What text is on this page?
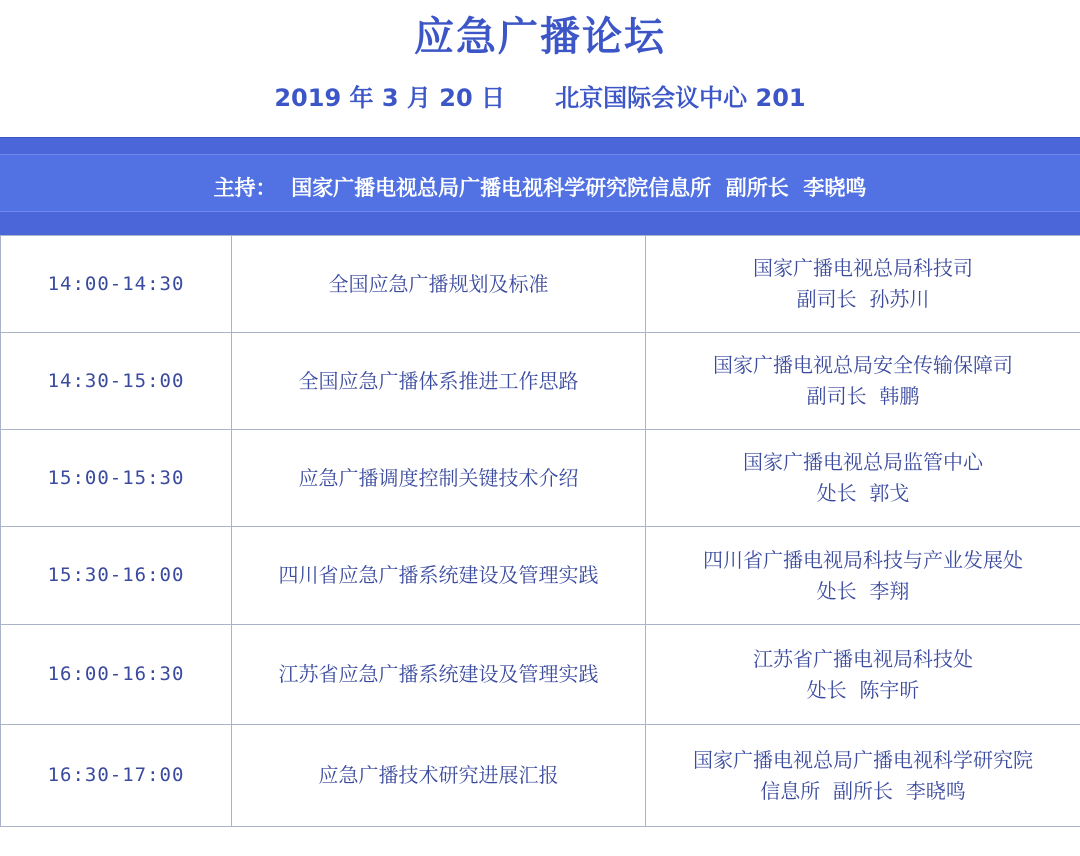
应急广播论坛
2019 年 3 月 20 日 北京国际会议中心 201
主持： 国家广播电视总局广播电视科学研究院信息所  副所长  李晓鸣
14:00-14:30	全国应急广播规划及标准	国家广播电视总局科技司
副司长  孙苏川

14:30-15:00	全国应急广播体系推进工作思路	国家广播电视总局安全传输保障司
副司长  韩鹏

15:00-15:30	应急广播调度控制关键技术介绍	国家广播电视总局监管中心
处长  郭戈

15:30-16:00	四川省应急广播系统建设及管理实践	四川省广播电视局科技与产业发展处
处长  李翔

16:00-16:30	江苏省应急广播系统建设及管理实践	江苏省广播电视局科技处
处长  陈宇昕

16:30-17:00	应急广播技术研究进展汇报	国家广播电视总局广播电视科学研究院
信息所  副所长  李晓鸣
